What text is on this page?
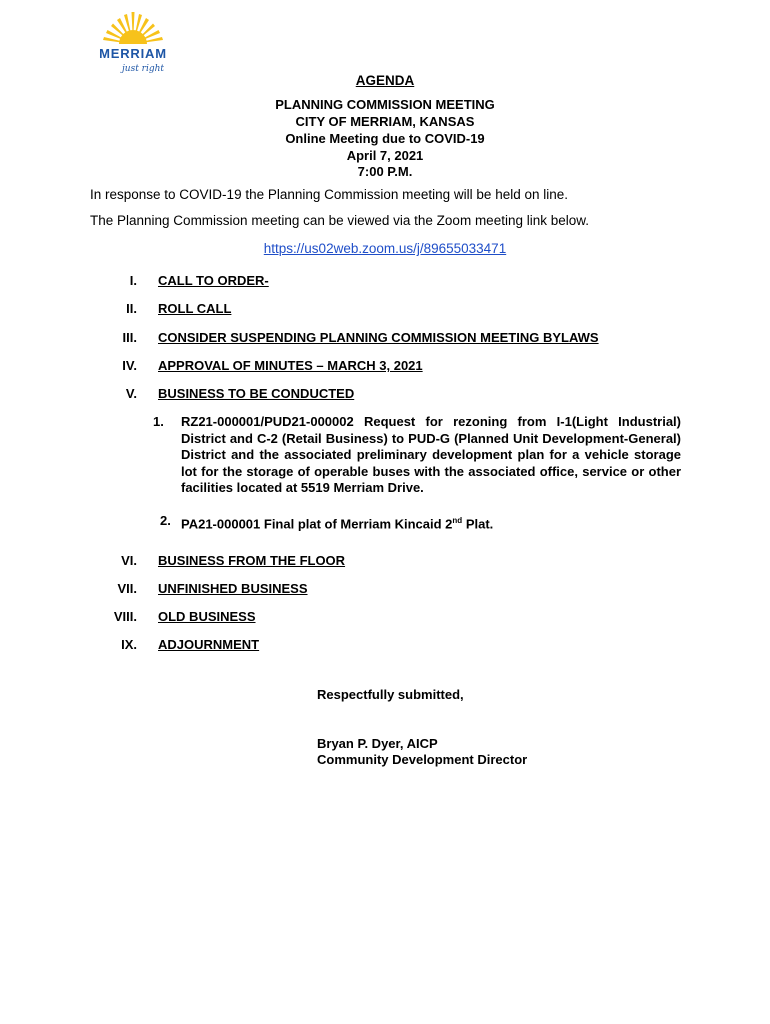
MERRIAM
just right
AGENDA
PLANNING COMMISSION MEETING
CITY OF MERRIAM, KANSAS
Online Meeting due to COVID-19
April 7, 2021
7:00 P.M.
In response to COVID-19 the Planning Commission meeting will be held on line.
The Planning Commission meeting can be viewed via the Zoom meeting link below.
https://us02web.zoom.us/j/89655033471
I. CALL TO ORDER-
II. ROLL CALL
III. CONSIDER SUSPENDING PLANNING COMMISSION MEETING BYLAWS
IV. APPROVAL OF MINUTES – MARCH 3, 2021
V. BUSINESS TO BE CONDUCTED
1. RZ21-000001/PUD21-000002 Request for rezoning from I-1(Light Industrial) District and C-2 (Retail Business) to PUD-G (Planned Unit Development-General) District and the associated preliminary development plan for a vehicle storage lot for the storage of operable buses with the associated office, service or other facilities located at 5519 Merriam Drive.
2. PA21-000001 Final plat of Merriam Kincaid 2nd Plat.
VI. BUSINESS FROM THE FLOOR
VII. UNFINISHED BUSINESS
VIII. OLD BUSINESS
IX. ADJOURNMENT
Respectfully submitted,
Bryan P. Dyer, AICP
Community Development Director
